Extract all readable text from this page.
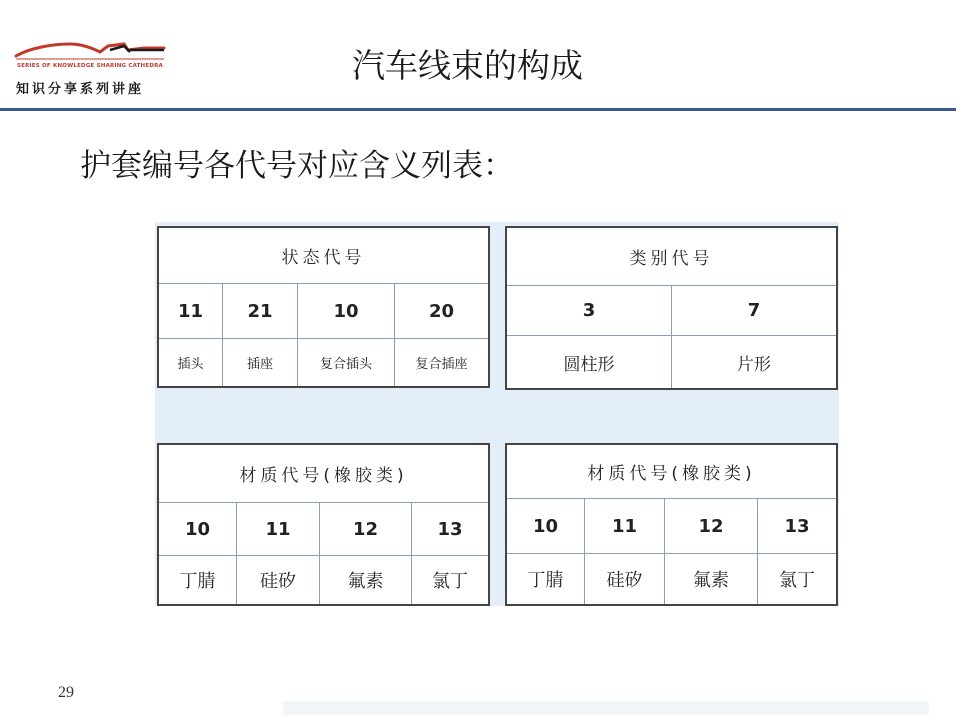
SERIES OF KNOWLEDGE SHARING CATHEDRA
知识分享系列讲座
汽车线束的构成
护套编号各代号对应含义列表：
状态代号
11	21	10	20
插头	插座	复合插头	复合插座
类别代号
3	7
圆柱形	片形
材质代号(橡胶类)
10	11	12	13
丁腈	硅矽	氟素	氯丁
材质代号(橡胶类)
10	11	12	13
丁腈	硅矽	氟素	氯丁
29
